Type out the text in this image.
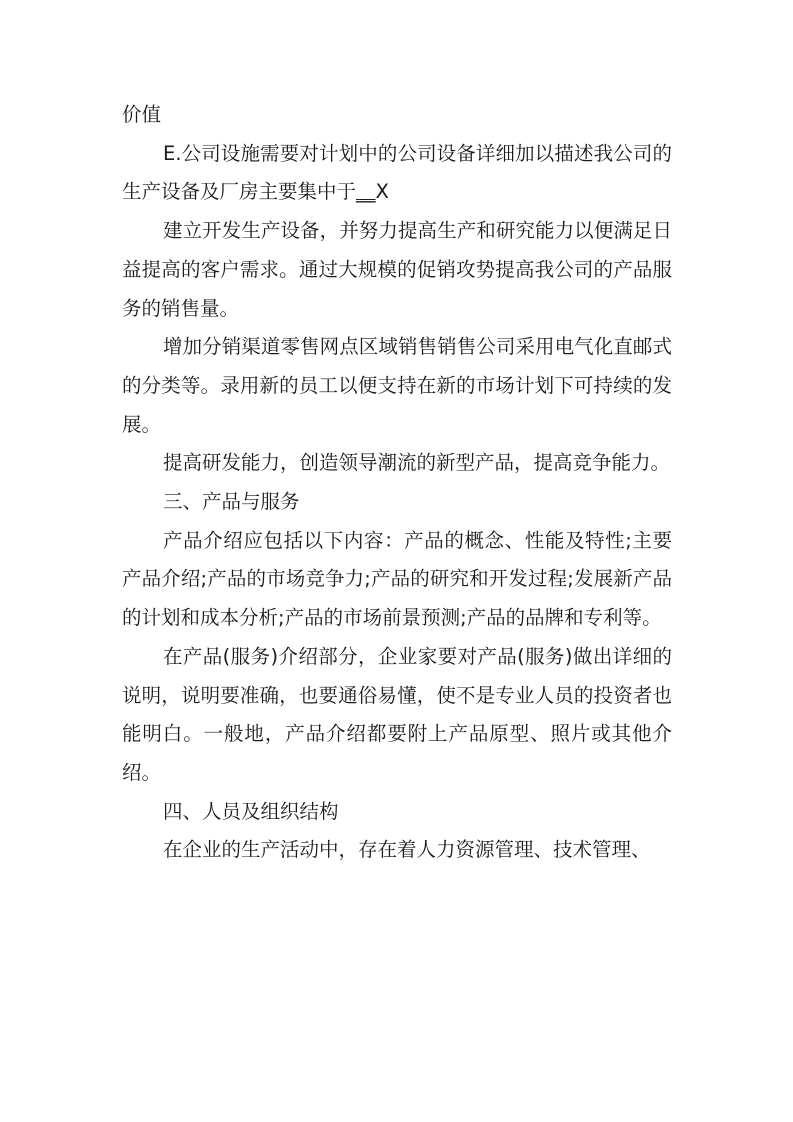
价值

E.公司设施需要对计划中的公司设备详细加以描述我公司的生产设备及厂房主要集中于__X

建立开发生产设备，并努力提高生产和研究能力以便满足日益提高的客户需求。通过大规模的促销攻势提高我公司的产品服务的销售量。

增加分销渠道零售网点区域销售销售公司采用电气化直邮式的分类等。录用新的员工以便支持在新的市场计划下可持续的发展。

提高研发能力，创造领导潮流的新型产品，提高竞争能力。

三、产品与服务

产品介绍应包括以下内容：产品的概念、性能及特性;主要产品介绍;产品的市场竞争力;产品的研究和开发过程;发展新产品的计划和成本分析;产品的市场前景预测;产品的品牌和专利等。

在产品(服务)介绍部分，企业家要对产品(服务)做出详细的说明，说明要准确，也要通俗易懂，使不是专业人员的投资者也能明白。一般地，产品介绍都要附上产品原型、照片或其他介绍。

四、人员及组织结构

在企业的生产活动中，存在着人力资源管理、技术管理、
